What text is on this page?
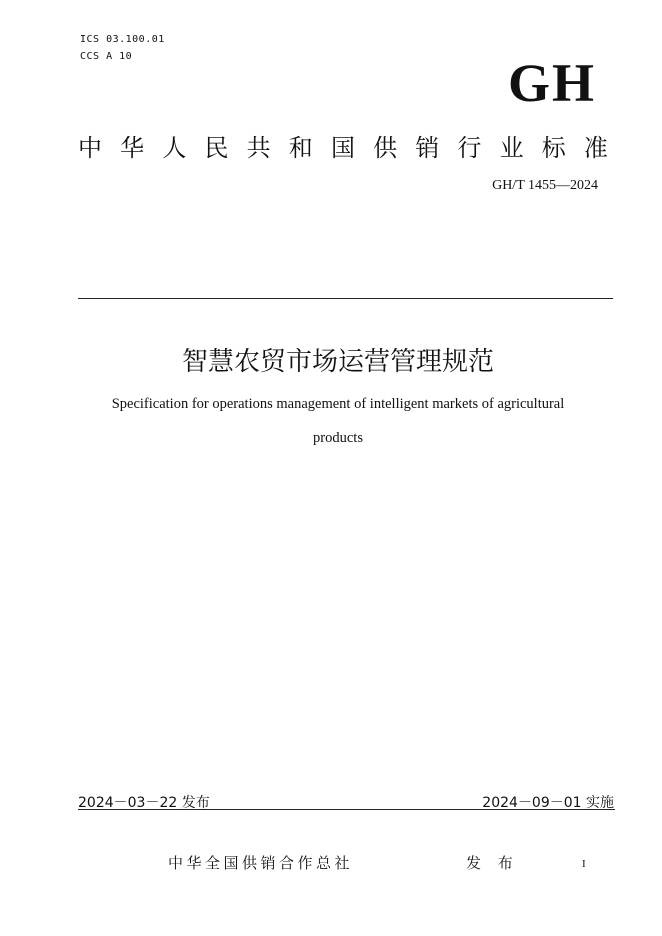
ICS 03.100.01
CCS A 10	GH
中 华 人 民 共 和 国 供 销 行 业 标 准
GH/T 1455—2024
智慧农贸市场运营管理规范
Specification for operations management of intelligent markets of agricultural
products
2024－03－22 发布	2024－09－01 实施
中华全国供销合作总社	发 布	I
